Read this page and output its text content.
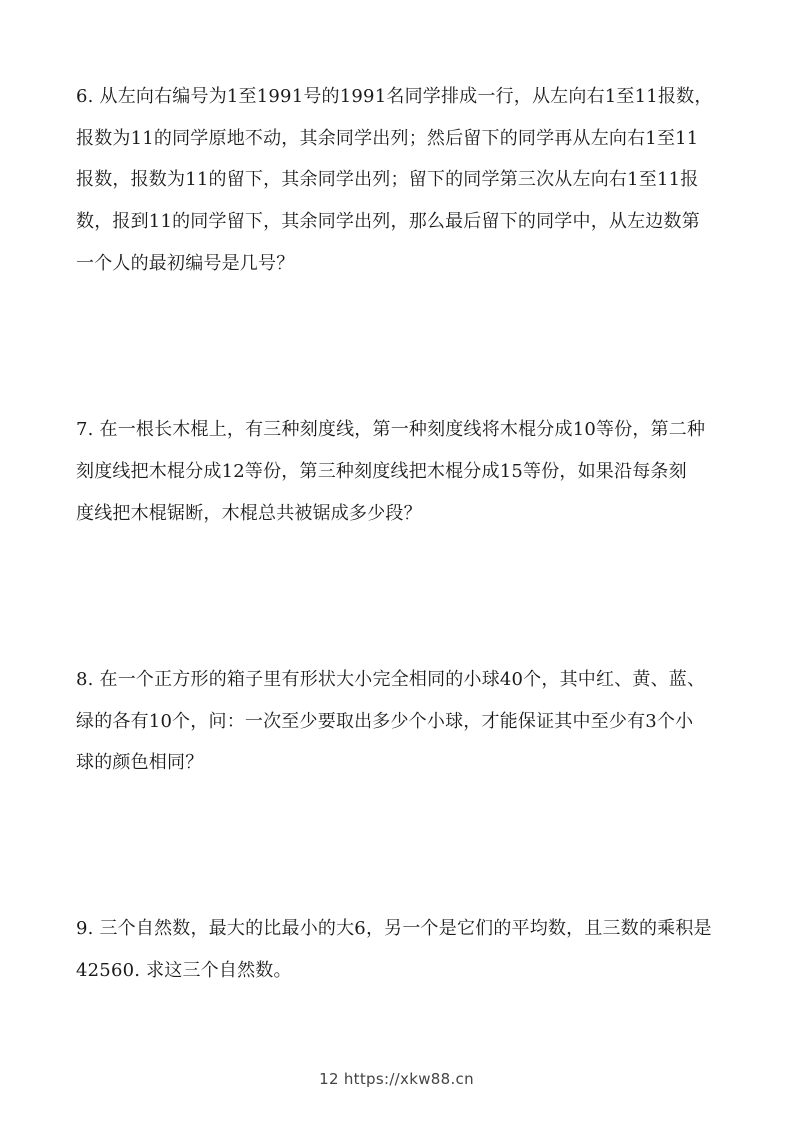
6. 从左向右编号为1至1991号的1991名同学排成一行，从左向右1至11报数，
报数为11的同学原地不动，其余同学出列；然后留下的同学再从左向右1至11
报数，报数为11的留下，其余同学出列；留下的同学第三次从左向右1至11报
数，报到11的同学留下，其余同学出列，那么最后留下的同学中，从左边数第
一个人的最初编号是几号？
7. 在一根长木棍上，有三种刻度线，第一种刻度线将木棍分成10等份，第二种
刻度线把木棍分成12等份，第三种刻度线把木棍分成15等份，如果沿每条刻
度线把木棍锯断，木棍总共被锯成多少段？
8. 在一个正方形的箱子里有形状大小完全相同的小球40个，其中红、黄、蓝、
绿的各有10个，问：一次至少要取出多少个小球，才能保证其中至少有3个小
球的颜色相同？
9. 三个自然数，最大的比最小的大6，另一个是它们的平均数，且三数的乘积是
42560. 求这三个自然数。
12 https://xkw88.cn
